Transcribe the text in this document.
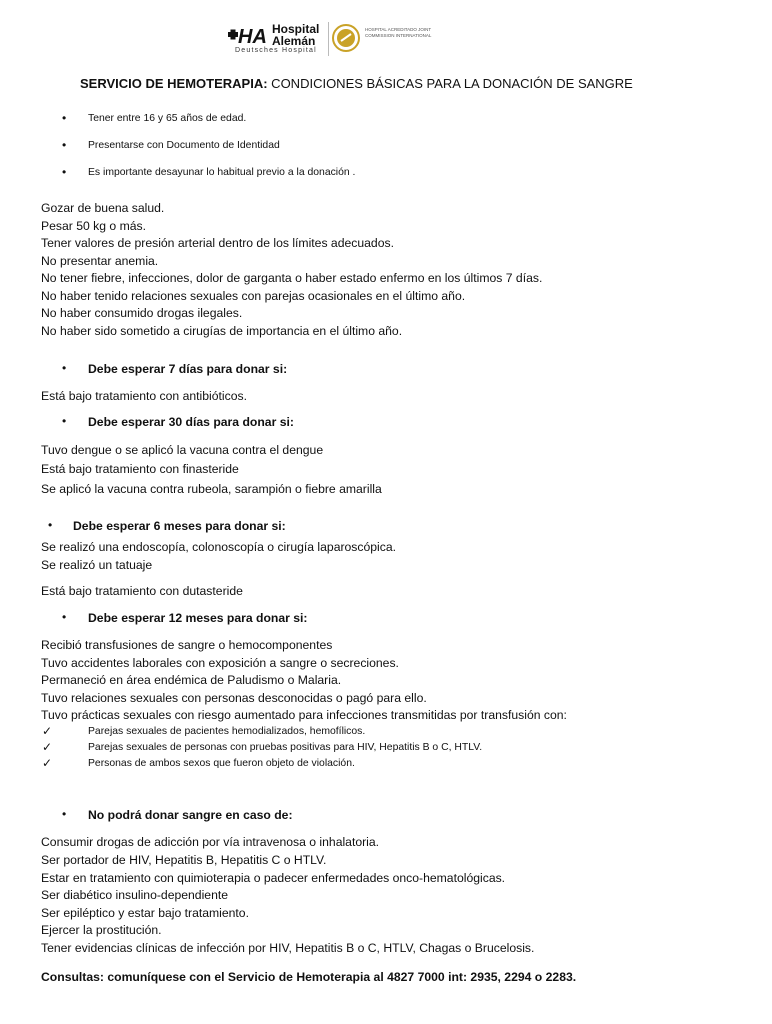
HA Hospital
Alemán
Deutsches Hospital
HOSPITAL ACREDITADO JOINT COMMISSION INTERNATIONAL
SERVICIO DE HEMOTERAPIA: CONDICIONES BÁSICAS PARA LA DONACIÓN DE SANGRE
• Tener entre 16 y 65 años de edad.
• Presentarse con Documento de Identidad
• Es importante desayunar lo habitual previo a la donación .
Gozar de buena salud.
Pesar 50 kg o más.
Tener valores de presión arterial dentro de los límites adecuados.
No presentar anemia.
No tener fiebre, infecciones, dolor de garganta o haber estado enfermo en los últimos 7 días.
No haber tenido relaciones sexuales con parejas ocasionales en el último año.
No haber consumido drogas ilegales.
No haber sido sometido a cirugías de importancia en el último año.
• Debe esperar 7 días para donar si:
Está bajo tratamiento con antibióticos.
• Debe esperar 30 días para donar si:
Tuvo dengue o se aplicó la vacuna contra el dengue
Está bajo tratamiento con finasteride
Se aplicó la vacuna contra rubeola, sarampión o fiebre amarilla
• Debe esperar 6 meses para donar si:
Se realizó una endoscopía, colonoscopía o cirugía laparoscópica.
Se realizó un tatuaje
Está bajo tratamiento con dutasteride
• Debe esperar 12 meses para donar si:
Recibió transfusiones de sangre o hemocomponentes
Tuvo accidentes laborales con exposición a sangre o secreciones.
Permaneció en área endémica de Paludismo o Malaria.
Tuvo relaciones sexuales con personas desconocidas o pagó para ello.
Tuvo prácticas sexuales con riesgo aumentado para infecciones transmitidas por transfusión con:
✓	Parejas sexuales de pacientes hemodializados, hemofílicos.
✓	Parejas sexuales de personas con pruebas positivas para HIV, Hepatitis B o C, HTLV.
✓	Personas de ambos sexos que fueron objeto de violación.
• No podrá donar sangre en caso de:
Consumir drogas de adicción por vía intravenosa o inhalatoria.
Ser portador de HIV, Hepatitis B, Hepatitis C o HTLV.
Estar en tratamiento con quimioterapia o padecer enfermedades onco-hematológicas.
Ser diabético insulino-dependiente
Ser epiléptico y estar bajo tratamiento.
Ejercer la prostitución.
Tener evidencias clínicas de infección por HIV, Hepatitis B o C, HTLV, Chagas o Brucelosis.
Consultas: comuníquese con el Servicio de Hemoterapia al 4827 7000 int: 2935, 2294 o 2283.
